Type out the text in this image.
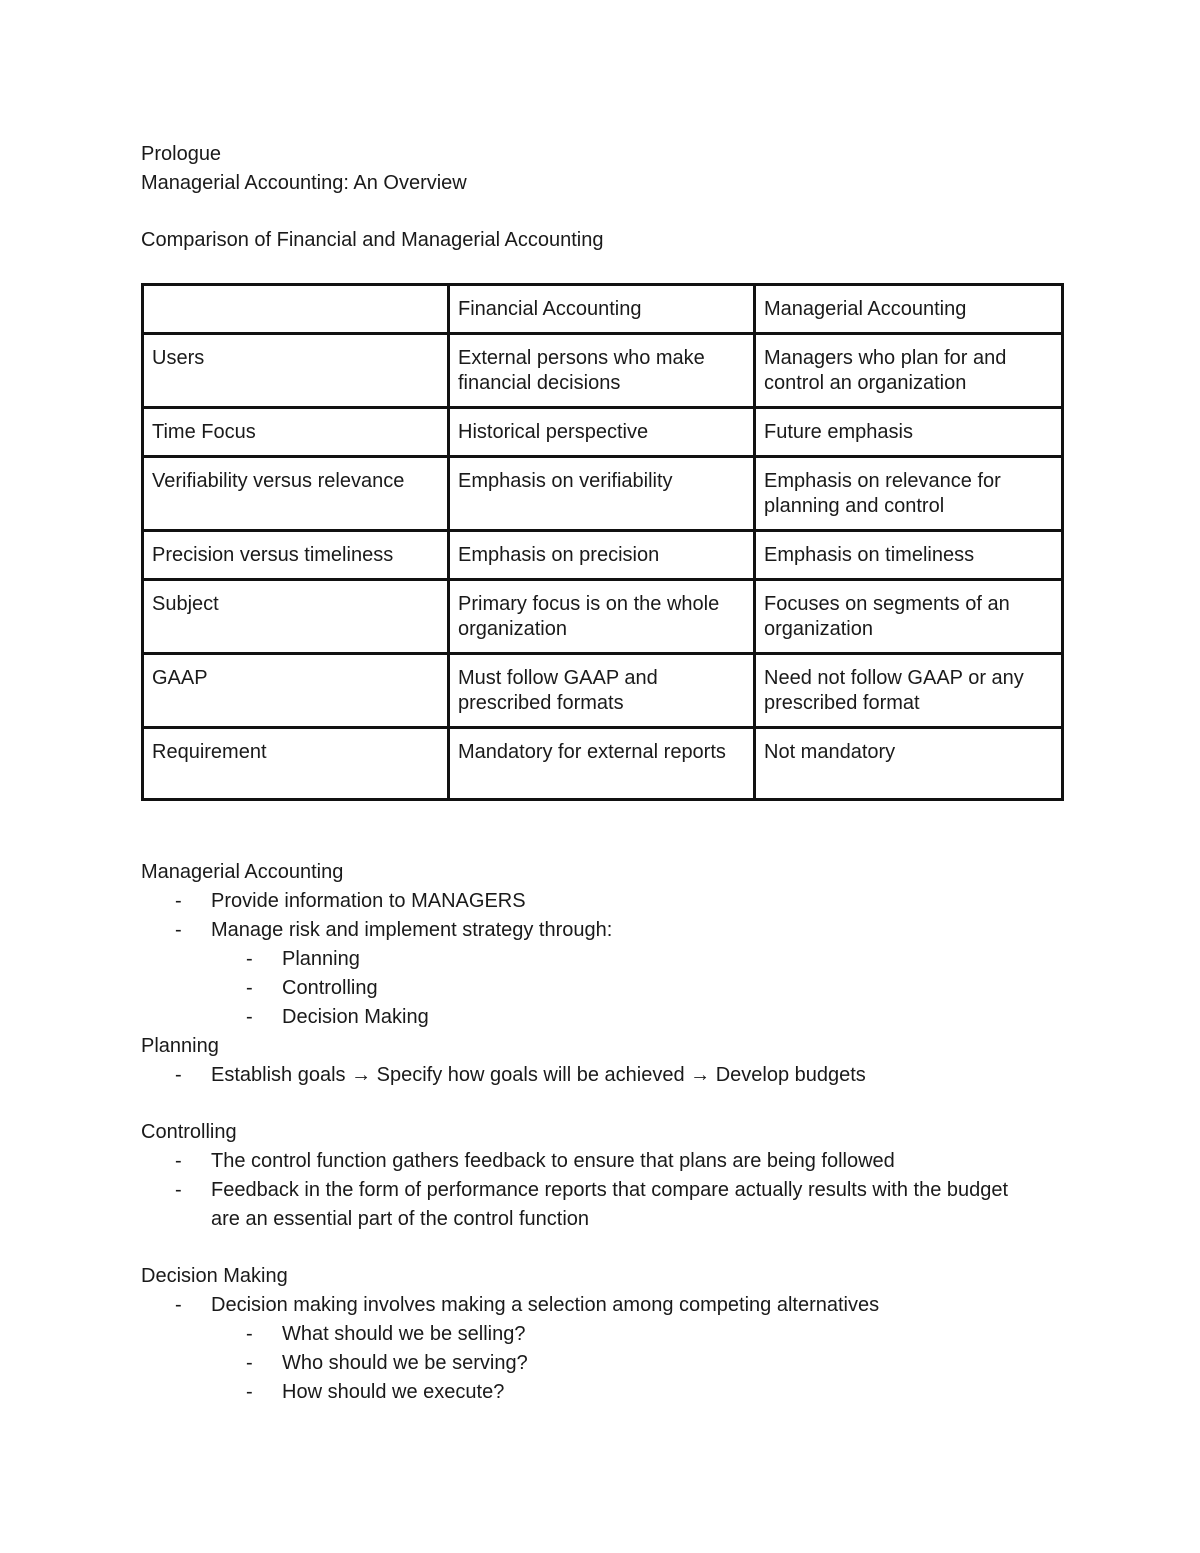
Prologue
Managerial Accounting: An Overview
Comparison of Financial and Managerial Accounting
	Financial Accounting	Managerial Accounting
Users	External persons who make financial decisions	Managers who plan for and control an organization
Time Focus	Historical perspective	Future emphasis
Verifiability versus relevance	Emphasis on verifiability	Emphasis on relevance for planning and control
Precision versus timeliness	Emphasis on precision	Emphasis on timeliness
Subject	Primary focus is on the whole organization	Focuses on segments of an organization
GAAP	Must follow GAAP and prescribed formats	Need not follow GAAP or any prescribed format
Requirement	Mandatory for external reports	Not mandatory
Managerial Accounting
- Provide information to MANAGERS
- Manage risk and implement strategy through:
- Planning
- Controlling
- Decision Making
Planning
- Establish goals → Specify how goals will be achieved → Develop budgets
Controlling
- The control function gathers feedback to ensure that plans are being followed
- Feedback in the form of performance reports that compare actually results with the budget are an essential part of the control function
Decision Making
- Decision making involves making a selection among competing alternatives
- What should we be selling?
- Who should we be serving?
- How should we execute?
